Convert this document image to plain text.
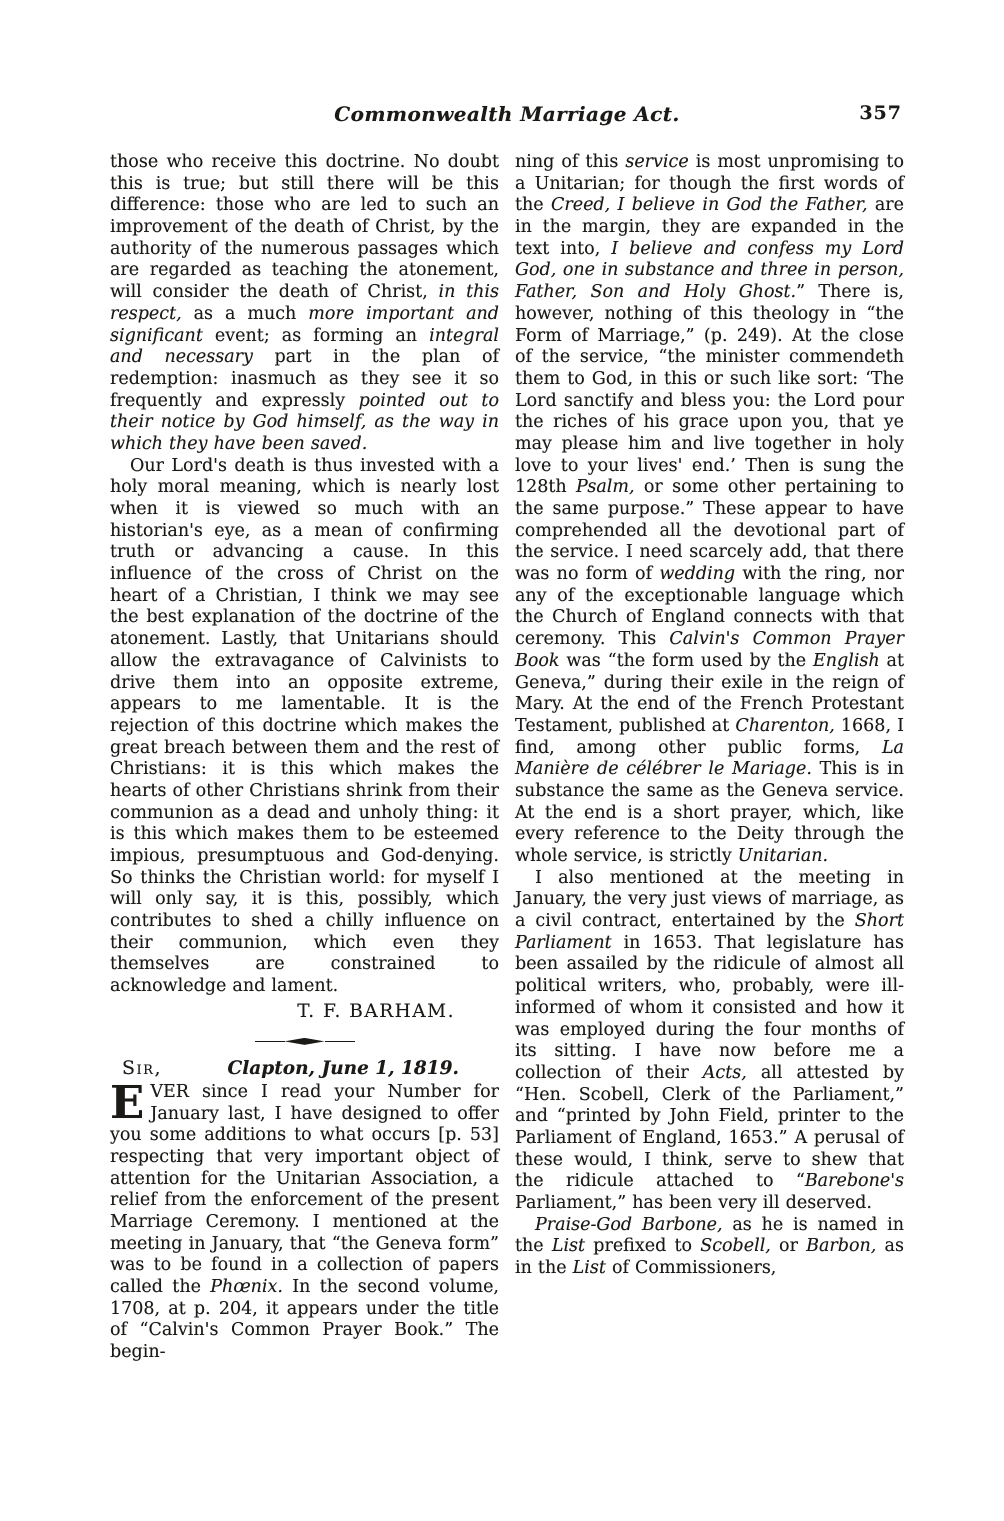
Commonwealth Marriage Act.	357

those who receive this doctrine. No doubt this is true; but still there will be this difference: those who are led to such an improvement of the death of Christ, by the authority of the numerous passages which are regarded as teaching the atonement, will consider the death of Christ, in this respect, as a much more important and significant event; as forming an integral and necessary part in the plan of redemption: inasmuch as they see it so frequently and expressly pointed out to their notice by God himself, as the way in which they have been saved.

Our Lord's death is thus invested with a holy moral meaning, which is nearly lost when it is viewed so much with an historian's eye, as a mean of confirming truth or advancing a cause. In this influence of the cross of Christ on the heart of a Christian, I think we may see the best explanation of the doctrine of the atonement. Lastly, that Unitarians should allow the extravagance of Calvinists to drive them into an opposite extreme, appears to me lamentable. It is the rejection of this doctrine which makes the great breach between them and the rest of Christians: it is this which makes the hearts of other Christians shrink from their communion as a dead and unholy thing: it is this which makes them to be esteemed impious, presumptuous and God-denying. So thinks the Christian world: for myself I will only say, it is this, possibly, which contributes to shed a chilly influence on their communion, which even they themselves are constrained to acknowledge and lament.

T. F. BARHAM.
Sir,	Clapton, June 1, 1819.

EVER since I read your Number for January last, I have designed to offer you some additions to what occurs [p. 53] respecting that very important object of attention for the Unitarian Association, a relief from the enforcement of the present Marriage Ceremony. I mentioned at the meeting in January, that “the Geneva form” was to be found in a collection of papers called the Phœnix. In the second volume, 1708, at p. 204, it appears under the title of “Calvin's Common Prayer Book.” The begin-

ning of this service is most unpromising to a Unitarian; for though the first words of the Creed, I believe in God the Father, are in the margin, they are expanded in the text into, I believe and confess my Lord God, one in substance and three in person, Father, Son and Holy Ghost.” There is, however, nothing of this theology in “the Form of Marriage,” (p. 249). At the close of the service, “the minister commendeth them to God, in this or such like sort: ‘The Lord sanctify and bless you: the Lord pour the riches of his grace upon you, that ye may please him and live together in holy love to your lives' end.’ Then is sung the 128th Psalm, or some other pertaining to the same purpose.” These appear to have comprehended all the devotional part of the service. I need scarcely add, that there was no form of wedding with the ring, nor any of the exceptionable language which the Church of England connects with that ceremony. This Calvin's Common Prayer Book was “the form used by the English at Geneva,” during their exile in the reign of Mary. At the end of the French Protestant Testament, published at Charenton, 1668, I find, among other public forms, La Manière de célébrer le Mariage. This is in substance the same as the Geneva service. At the end is a short prayer, which, like every reference to the Deity through the whole service, is strictly Unitarian.

I also mentioned at the meeting in January, the very just views of marriage, as a civil contract, entertained by the Short Parliament in 1653. That legislature has been assailed by the ridicule of almost all political writers, who, probably, were ill-informed of whom it consisted and how it was employed during the four months of its sitting. I have now before me a collection of their Acts, all attested by “Hen. Scobell, Clerk of the Parliament,” and “printed by John Field, printer to the Parliament of England, 1653.” A perusal of these would, I think, serve to shew that the ridicule attached to “Barebone's Parliament,” has been very ill deserved.

Praise-God Barbone, as he is named in the List prefixed to Scobell, or Barbon, as in the List of Commissioners,
